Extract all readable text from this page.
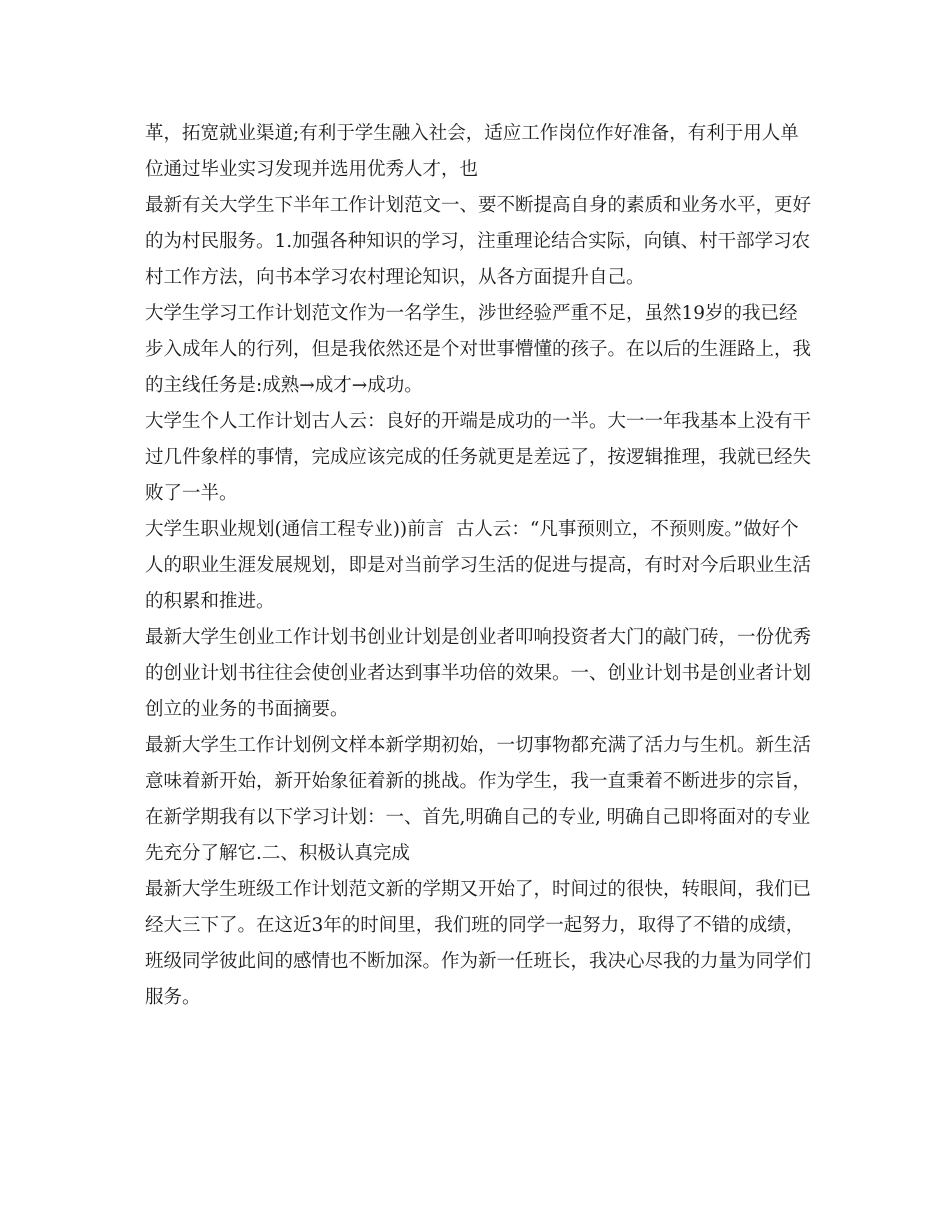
革，拓宽就业渠道;有利于学生融入社会，适应工作岗位作好准备，有利于用人单位通过毕业实习发现并选用优秀人才，也

最新有关大学生下半年工作计划范文一、要不断提高自身的素质和业务水平，更好的为村民服务。1.加强各种知识的学习，注重理论结合实际，向镇、村干部学习农村工作方法，向书本学习农村理论知识，从各方面提升自己。

大学生学习工作计划范文作为一名学生，涉世经验严重不足，虽然19岁的我已经步入成年人的行列，但是我依然还是个对世事懵懂的孩子。在以后的生涯路上，我的主线任务是:成熟→成才→成功。

大学生个人工作计划古人云：良好的开端是成功的一半。大一一年我基本上没有干过几件象样的事情，完成应该完成的任务就更是差远了，按逻辑推理，我就已经失败了一半。

大学生职业规划(通信工程专业))前言  古人云：“凡事预则立，不预则废。”做好个人的职业生涯发展规划，即是对当前学习生活的促进与提高，有时对今后职业生活的积累和推进。

最新大学生创业工作计划书创业计划是创业者叩响投资者大门的敲门砖，一份优秀的创业计划书往往会使创业者达到事半功倍的效果。一、创业计划书是创业者计划创立的业务的书面摘要。

最新大学生工作计划例文样本新学期初始，一切事物都充满了活力与生机。新生活意味着新开始，新开始象征着新的挑战。作为学生，我一直秉着不断进步的宗旨，在新学期我有以下学习计划：一、首先,明确自己的专业, 明确自己即将面对的专业先充分了解它.二、积极认真完成

最新大学生班级工作计划范文新的学期又开始了，时间过的很快，转眼间，我们已经大三下了。在这近3年的时间里，我们班的同学一起努力，取得了不错的成绩，班级同学彼此间的感情也不断加深。作为新一任班长，我决心尽我的力量为同学们服务。
